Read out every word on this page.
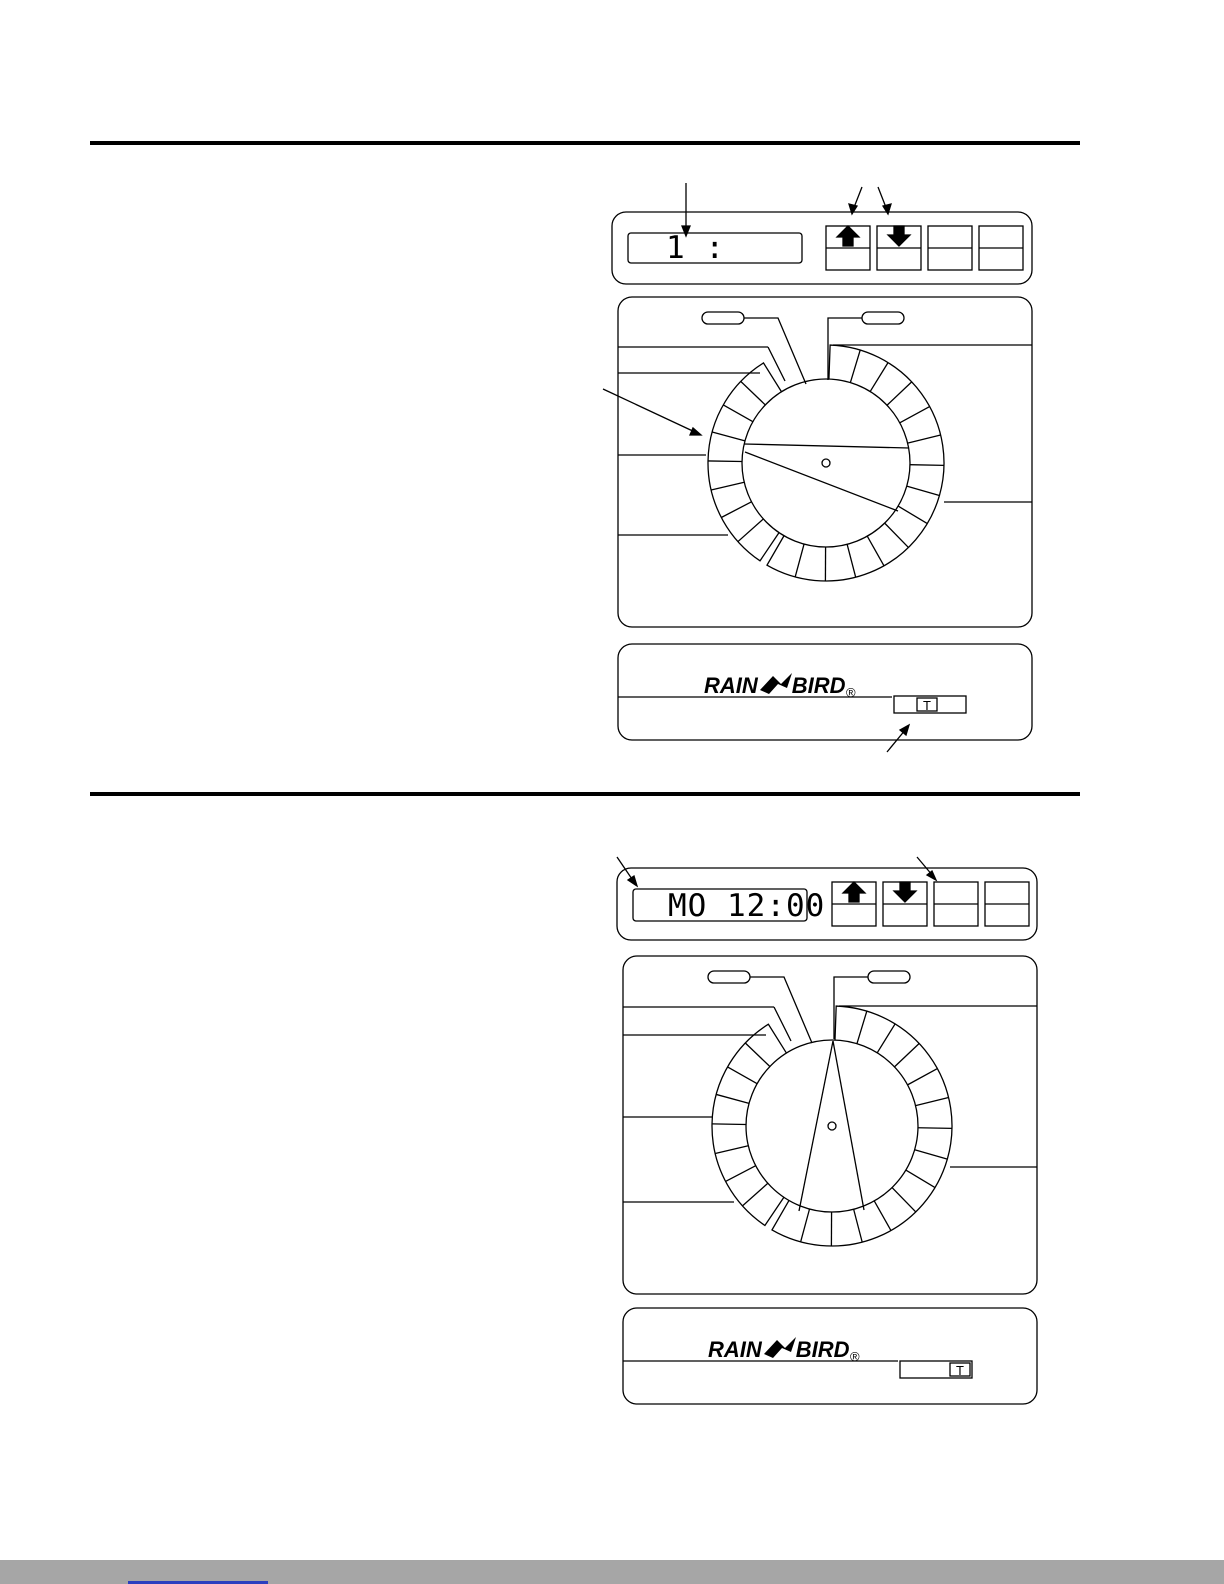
1 :
RAIN BIRD ®
T
MO 12:00
RAIN BIRD ®
T
